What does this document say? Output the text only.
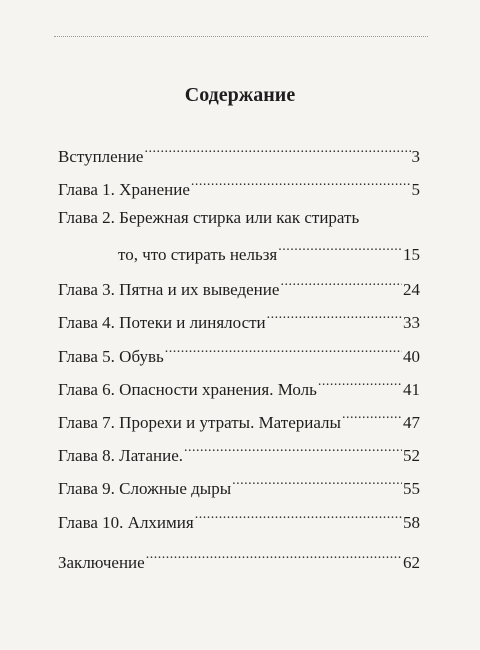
Содержание
Вступление .....	3
Глава 1. Хранение .....	5
Глава 2. Бережная стирка или как стирать
то, что стирать нельзя .....	15
Глава 3. Пятна и их выведение .....	24
Глава 4. Потеки и линялости .....	33
Глава 5. Обувь .....	40
Глава 6. Опасности хранения. Моль .....	41
Глава 7. Прорехи и утраты. Материалы .....	47
Глава 8. Латание. .....	52
Глава 9. Сложные дыры .....	55
Глава 10. Алхимия .....	58
Заключение .....	62
